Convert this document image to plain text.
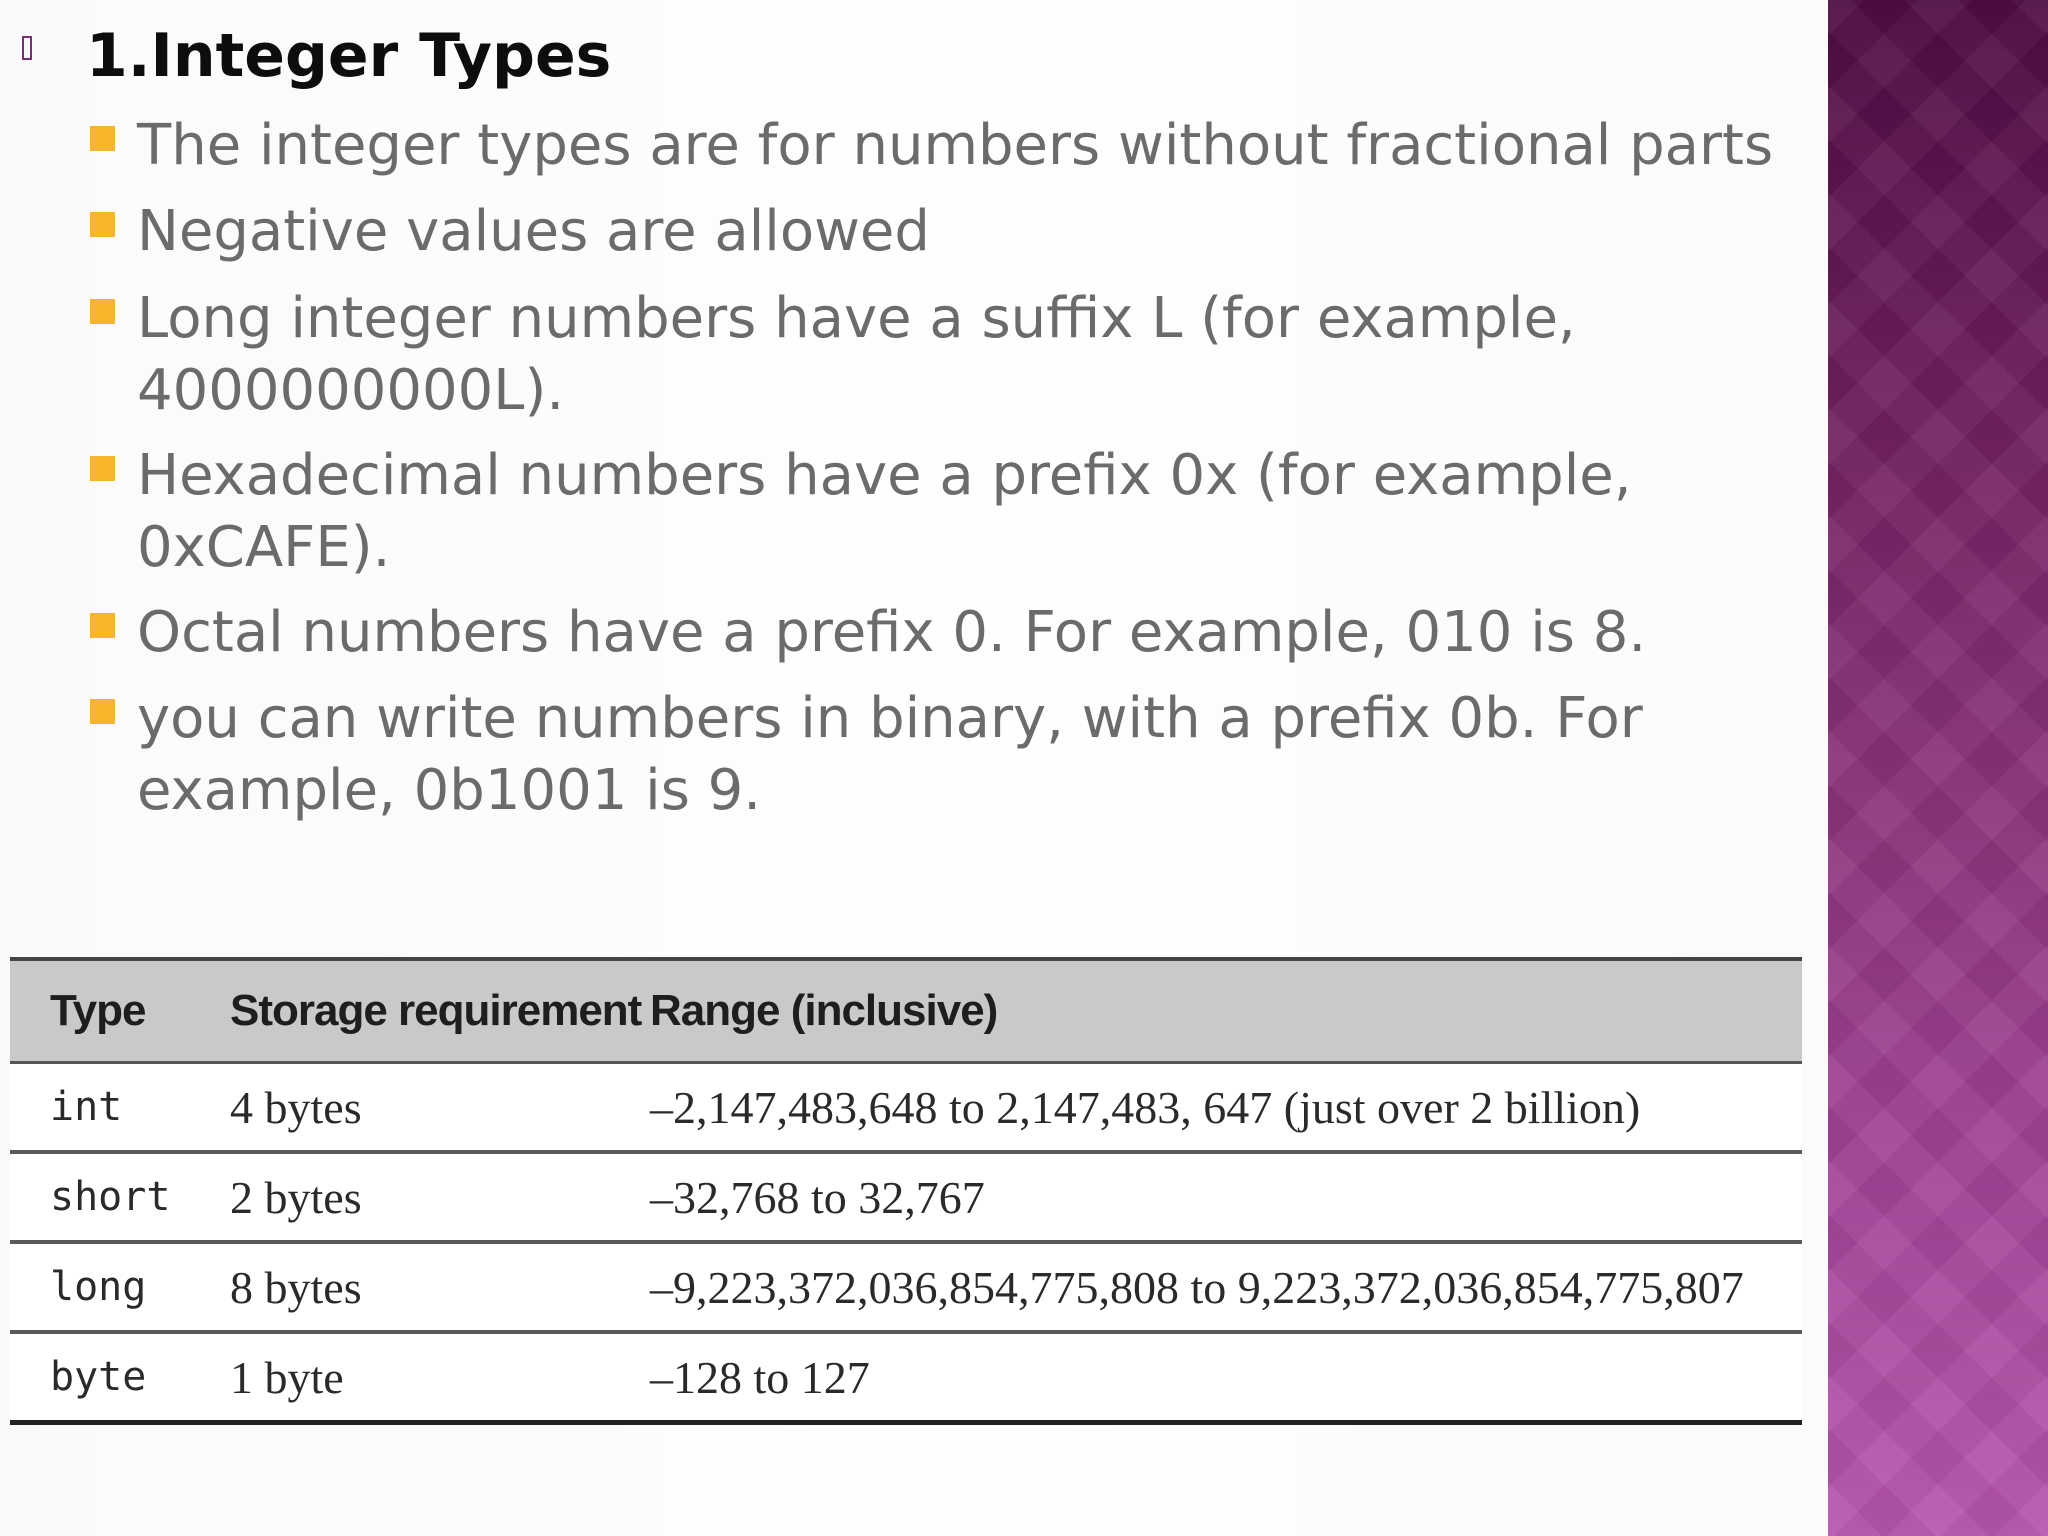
1.Integer Types
The integer types are for numbers without fractional parts
Negative values are allowed
Long integer numbers have a suffix L (for example,
4000000000L).
Hexadecimal numbers have a prefix 0x (for example,
0xCAFE).
Octal numbers have a prefix 0. For example, 010 is 8.
you can write numbers in binary, with a prefix 0b. For
example, 0b1001 is 9.
Type	Storage requirement	Range (inclusive)
int	4 bytes	–2,147,483,648 to 2,147,483, 647 (just over 2 billion)
short	2 bytes	–32,768 to 32,767
long	8 bytes	–9,223,372,036,854,775,808 to 9,223,372,036,854,775,807
byte	1 byte	–128 to 127
